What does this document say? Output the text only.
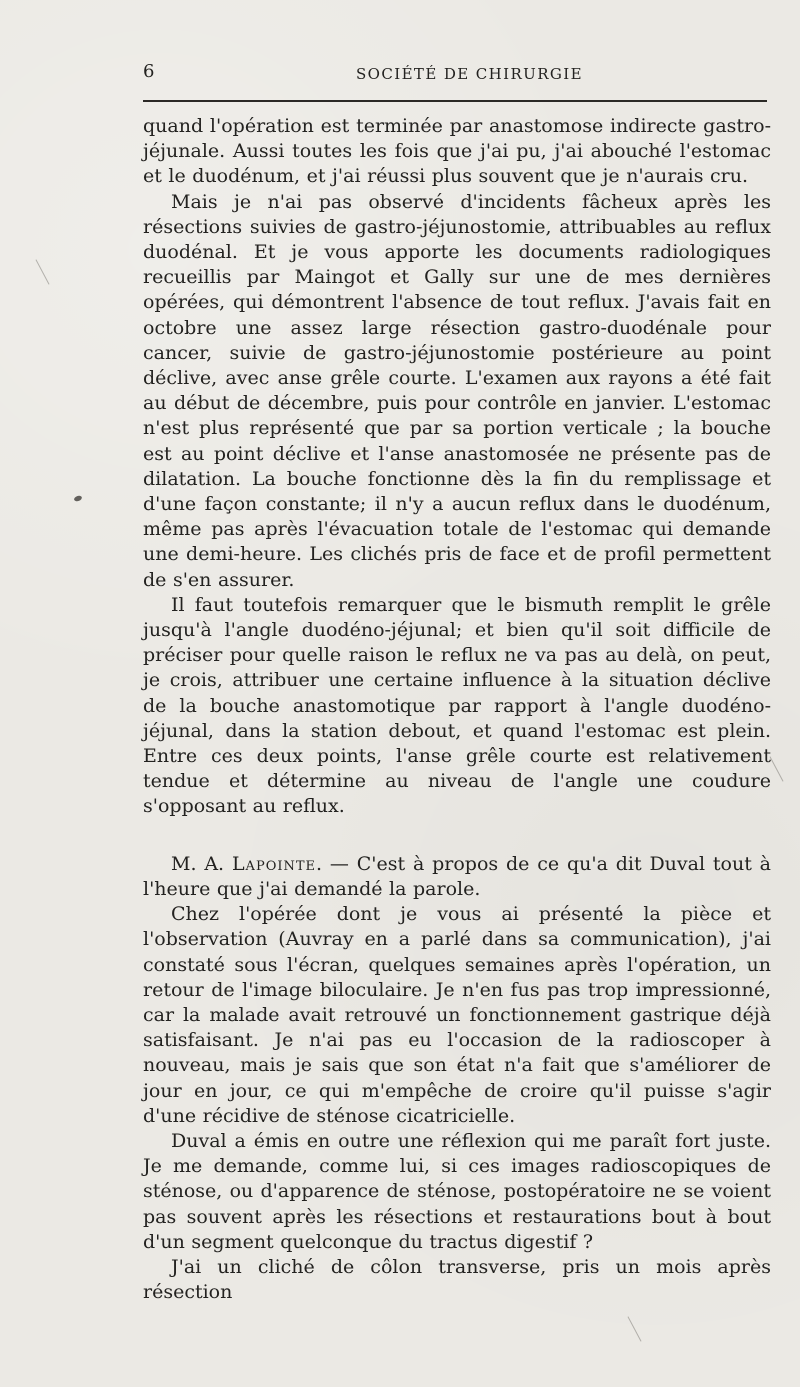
6	SOCIÉTÉ DE CHIRURGIE

quand l'opération est terminée par anastomose indirecte gastro-jéjunale. Aussi toutes les fois que j'ai pu, j'ai abouché l'estomac et le duodénum, et j'ai réussi plus souvent que je n'aurais cru.

Mais je n'ai pas observé d'incidents fâcheux après les résections suivies de gastro-jéjunostomie, attribuables au reflux duodénal. Et je vous apporte les documents radiologiques recueillis par Maingot et Gally sur une de mes dernières opérées, qui démontrent l'absence de tout reflux. J'avais fait en octobre une assez large résection gastro-duodénale pour cancer, suivie de gastro-jéjunostomie postérieure au point déclive, avec anse grêle courte. L'examen aux rayons a été fait au début de décembre, puis pour contrôle en janvier. L'estomac n'est plus représenté que par sa portion verticale ; la bouche est au point déclive et l'anse anastomosée ne présente pas de dilatation. La bouche fonctionne dès la fin du remplissage et d'une façon constante; il n'y a aucun reflux dans le duodénum, même pas après l'évacuation totale de l'estomac qui demande une demi-heure. Les clichés pris de face et de profil permettent de s'en assurer.

Il faut toutefois remarquer que le bismuth remplit le grêle jusqu'à l'angle duodéno-jéjunal; et bien qu'il soit difficile de préciser pour quelle raison le reflux ne va pas au delà, on peut, je crois, attribuer une certaine influence à la situation déclive de la bouche anastomotique par rapport à l'angle duodéno-jéjunal, dans la station debout, et quand l'estomac est plein. Entre ces deux points, l'anse grêle courte est relativement tendue et détermine au niveau de l'angle une coudure s'opposant au reflux.

M. A. Lapointe. — C'est à propos de ce qu'a dit Duval tout à l'heure que j'ai demandé la parole.

Chez l'opérée dont je vous ai présenté la pièce et l'observation (Auvray en a parlé dans sa communication), j'ai constaté sous l'écran, quelques semaines après l'opération, un retour de l'image biloculaire. Je n'en fus pas trop impressionné, car la malade avait retrouvé un fonctionnement gastrique déjà satisfaisant. Je n'ai pas eu l'occasion de la radioscoper à nouveau, mais je sais que son état n'a fait que s'améliorer de jour en jour, ce qui m'empêche de croire qu'il puisse s'agir d'une récidive de sténose cicatricielle.

Duval a émis en outre une réflexion qui me paraît fort juste. Je me demande, comme lui, si ces images radioscopiques de sténose, ou d'apparence de sténose, postopératoire ne se voient pas souvent après les résections et restaurations bout à bout d'un segment quelconque du tractus digestif ?

J'ai un cliché de côlon transverse, pris un mois après résection
